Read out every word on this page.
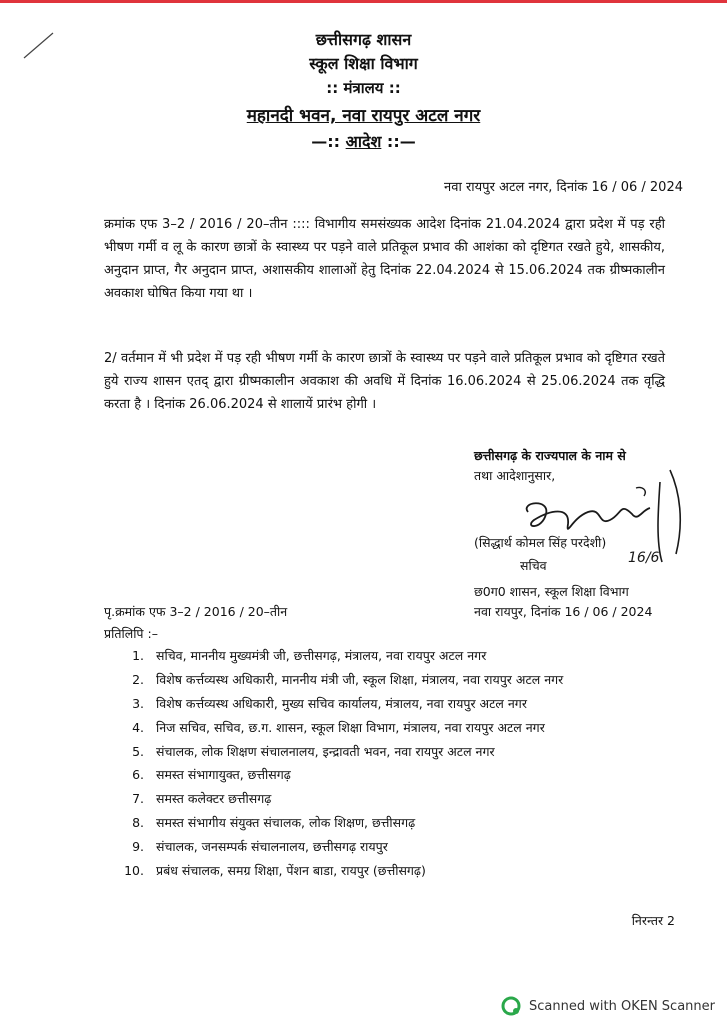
छत्तीसगढ़ शासन
स्कूल शिक्षा विभाग
:: मंत्रालय ::
महानदी भवन, नवा रायपुर अटल नगर
—:: आदेश ::—
नवा रायपुर अटल नगर, दिनांक 16 / 06 / 2024

क्रमांक एफ 3–2 / 2016 / 20–तीन :::: विभागीय समसंख्यक आदेश दिनांक 21.04.2024 द्वारा प्रदेश में पड़ रही भीषण गर्मी व लू के कारण छात्रों के स्वास्थ्य पर पड़ने वाले प्रतिकूल प्रभाव की आशंका को दृष्टिगत रखते हुये, शासकीय, अनुदान प्राप्त, गैर अनुदान प्राप्त, अशासकीय शालाओं हेतु दिनांक 22.04.2024 से 15.06.2024 तक ग्रीष्मकालीन अवकाश घोषित किया गया था ।

2/ वर्तमान में भी प्रदेश में पड़ रही भीषण गर्मी के कारण छात्रों के स्वास्थ्य पर पड़ने वाले प्रतिकूल प्रभाव को दृष्टिगत रखते हुये राज्य शासन एतद् द्वारा ग्रीष्मकालीन अवकाश की अवधि में दिनांक 16.06.2024 से 25.06.2024 तक वृद्धि करता है । दिनांक 26.06.2024 से शालायें प्रारंभ होगी ।

छत्तीसगढ़ के राज्यपाल के नाम से
तथा आदेशानुसार,
16/6
(सिद्धार्थ कोमल सिंह परदेशी)
सचिव
छ0ग0 शासन, स्कूल शिक्षा विभाग
नवा रायपुर, दिनांक 16 / 06 / 2024
पृ.क्रमांक एफ 3–2 / 2016 / 20–तीन
प्रतिलिपि :–
1. सचिव, माननीय मुख्यमंत्री जी, छत्तीसगढ़, मंत्रालय, नवा रायपुर अटल नगर
2. विशेष कर्त्तव्यस्थ अधिकारी, माननीय मंत्री जी, स्कूल शिक्षा, मंत्रालय, नवा रायपुर अटल नगर
3. विशेष कर्त्तव्यस्थ अधिकारी, मुख्य सचिव कार्यालय, मंत्रालय, नवा रायपुर अटल नगर
4. निज सचिव, सचिव, छ.ग. शासन, स्कूल शिक्षा विभाग, मंत्रालय, नवा रायपुर अटल नगर
5. संचालक, लोक शिक्षण संचालनालय, इन्द्रावती भवन, नवा रायपुर अटल नगर
6. समस्त संभागायुक्त, छत्तीसगढ़
7. समस्त कलेक्टर छत्तीसगढ़
8. समस्त संभागीय संयुक्त संचालक, लोक शिक्षण, छत्तीसगढ़
9. संचालक, जनसम्पर्क संचालनालय, छत्तीसगढ़ रायपुर
10. प्रबंध संचालक, समग्र शिक्षा, पेंशन बाडा, रायपुर (छत्तीसगढ़)
निरन्तर 2
Scanned with OKEN Scanner
